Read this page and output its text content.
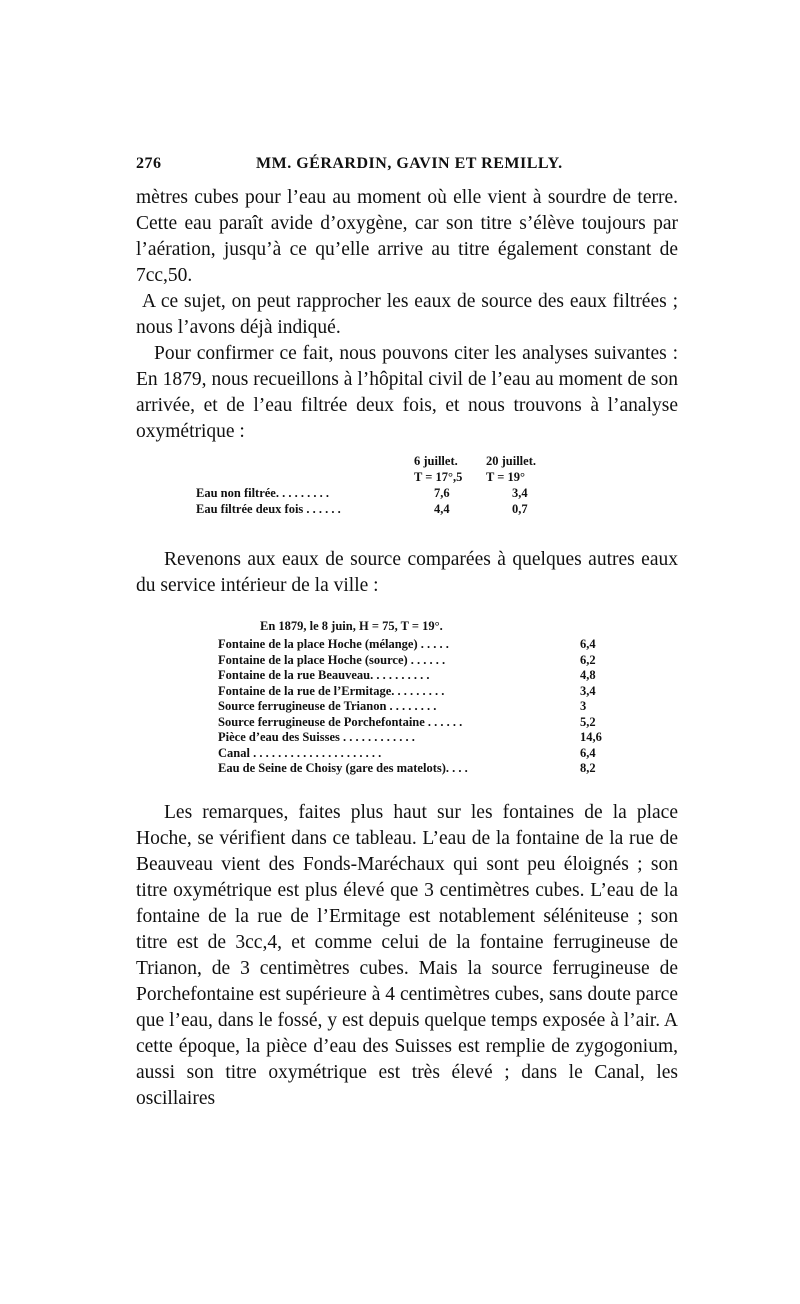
276	MM. GÉRARDIN, GAVIN ET REMILLY.

mètres cubes pour l’eau au moment où elle vient à sourdre de terre. Cette eau paraît avide d’oxygène, car son titre s’élève toujours par l’aération, jusqu’à ce qu’elle arrive au titre également constant de 7cc,50.

A ce sujet, on peut rapprocher les eaux de source des eaux filtrées ; nous l’avons déjà indiqué.

Pour confirmer ce fait, nous pouvons citer les analyses suivantes : En 1879, nous recueillons à l’hôpital civil de l’eau au moment de son arrivée, et de l’eau filtrée deux fois, et nous trouvons à l’analyse oxymétrique :

6 juillet. 20 juillet.
T = 17°,5 T = 19°
Eau non filtrée. . . . . . . . .	7,6	3,4
Eau filtrée deux fois . . . . . .	4,4	0,7

Revenons aux eaux de source comparées à quelques autres eaux du service intérieur de la ville :

En 1879, le 8 juin, H = 75, T = 19°.
Fontaine de la place Hoche (mélange) . . . . .	6,4
Fontaine de la place Hoche (source) . . . . . .	6,2
Fontaine de la rue Beauveau. . . . . . . . . .	4,8
Fontaine de la rue de l’Ermitage. . . . . . . . .	3,4
Source ferrugineuse de Trianon . . . . . . . .	3
Source ferrugineuse de Porchefontaine . . . . . .	5,2
Pièce d’eau des Suisses . . . . . . . . . . . .	14,6
Canal . . . . . . . . . . . . . . . . . . . . .	6,4
Eau de Seine de Choisy (gare des matelots). . . .	8,2

Les remarques, faites plus haut sur les fontaines de la place Hoche, se vérifient dans ce tableau. L’eau de la fontaine de la rue de Beauveau vient des Fonds-Maréchaux qui sont peu éloignés ; son titre oxymétrique est plus élevé que 3 centimètres cubes. L’eau de la fontaine de la rue de l’Ermitage est notablement séléniteuse ; son titre est de 3cc,4, et comme celui de la fontaine ferrugineuse de Trianon, de 3 centimètres cubes. Mais la source ferrugineuse de Porchefontaine est supérieure à 4 centimètres cubes, sans doute parce que l’eau, dans le fossé, y est depuis quelque temps exposée à l’air. A cette époque, la pièce d’eau des Suisses est remplie de zygogonium, aussi son titre oxymétrique est très élevé ; dans le Canal, les oscillaires
